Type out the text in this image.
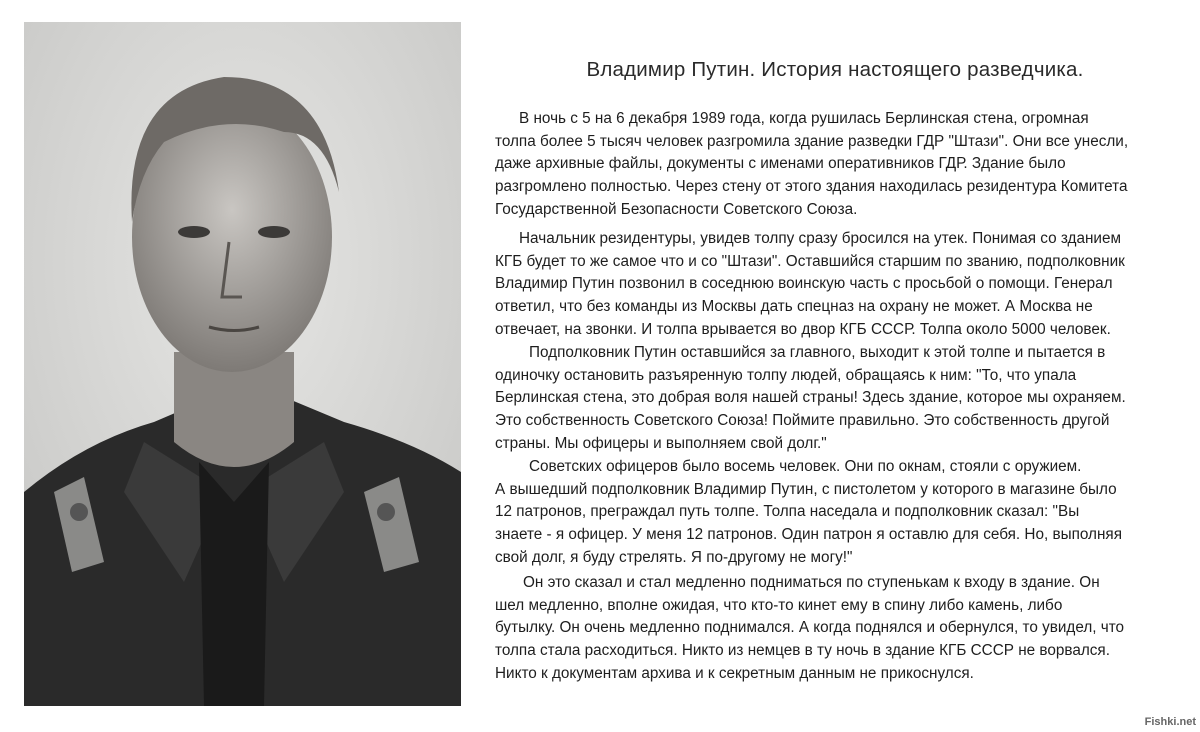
Владимир Путин. История настоящего разведчика.
В ночь с 5 на 6 декабря 1989 года, когда рушилась Берлинская стена, огромная
толпа более 5 тысяч человек разгромила здание разведки ГДР "Штази". Они все унесли,
даже архивные файлы, документы с именами оперативников ГДР. Здание было
разгромлено полностью. Через стену от этого здания находилась резидентура Комитета
Государственной Безопасности Советского Союза.
Начальник резидентуры, увидев толпу сразу бросился на утек. Понимая со зданием
КГБ будет то же самое что и со "Штази". Оставшийся старшим по званию, подполковник
Владимир Путин позвонил в соседнюю воинскую часть с просьбой о помощи. Генерал
ответил, что без команды из Москвы дать спецназ на охрану не может. А Москва не
отвечает, на звонки. И толпа врывается во двор КГБ СССР. Толпа около 5000 человек.
Подполковник Путин оставшийся за главного, выходит к этой толпе и пытается в
одиночку остановить разъяренную толпу людей, обращаясь к ним: "То, что упала
Берлинская стена, это добрая воля нашей страны! Здесь здание, которое мы охраняем.
Это собственность Советского Союза! Поймите правильно. Это собственность другой
страны. Мы офицеры и выполняем свой долг."
Советских офицеров было восемь человек. Они по окнам, стояли с оружием.
А вышедший подполковник Владимир Путин, с пистолетом у которого в магазине было
12 патронов, преграждал путь толпе. Толпа наседала и подполковник сказал: "Вы
знаете - я офицер. У меня 12 патронов. Один патрон я оставлю для себя. Но, выполняя
свой долг, я буду стрелять. Я по-другому не могу!"
Он это сказал и стал медленно подниматься по ступенькам к входу в здание. Он
шел медленно, вполне ожидая, что кто-то кинет ему в спину либо камень, либо
бутылку. Он очень медленно поднимался. А когда поднялся и обернулся, то увидел, что
толпа стала расходиться. Никто из немцев в ту ночь в здание КГБ СССР не ворвался.
Никто к документам архива и к секретным данным не прикоснулся.
Fishki.net
